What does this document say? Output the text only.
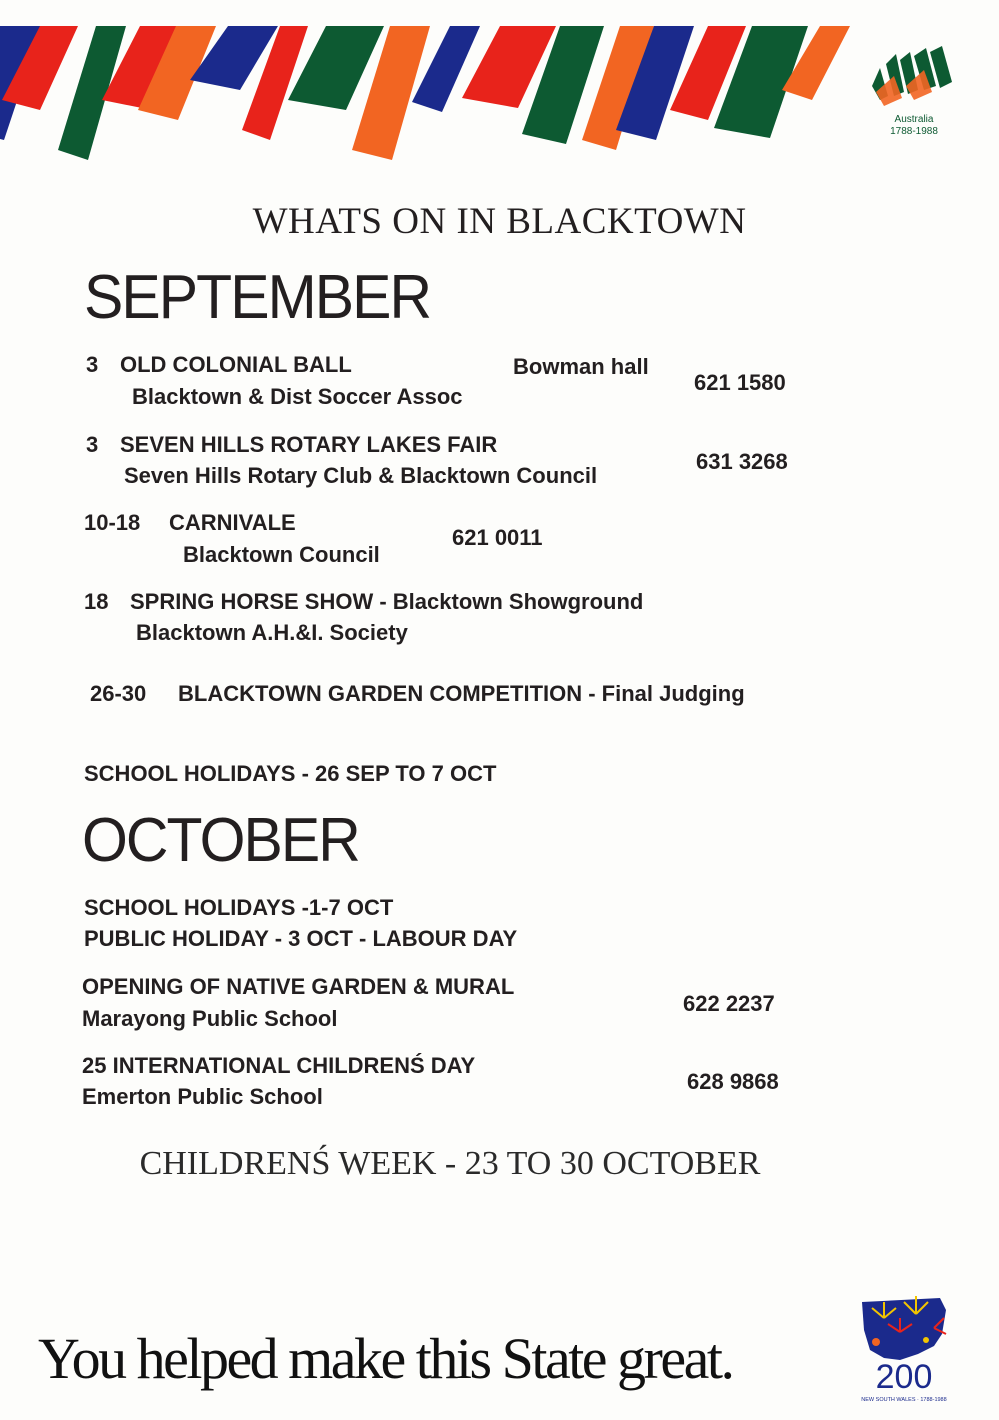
Australia
1788-1988
WHATS ON IN BLACKTOWN
SEPTEMBER
3 OLD COLONIAL BALL	Bowman hall
Blacktown & Dist Soccer Assoc
621 1580
3 SEVEN HILLS ROTARY LAKES FAIR
Seven Hills Rotary Club & Blacktown Council
631 3268
10-18 CARNIVALE
Blacktown Council
621 0011
18 SPRING HORSE SHOW - Blacktown Showground
Blacktown A.H.&I. Society
26-30 BLACKTOWN GARDEN COMPETITION - Final Judging
SCHOOL HOLIDAYS - 26 SEP TO 7 OCT
OCTOBER
SCHOOL HOLIDAYS -1-7 OCT
PUBLIC HOLIDAY - 3 OCT - LABOUR DAY
OPENING OF NATIVE GARDEN & MURAL
Marayong Public School
622 2237
25 INTERNATIONAL CHILDRENŚ DAY
Emerton Public School
628 9868
CHILDRENŚ WEEK - 23 TO 30 OCTOBER
You helped make this State great.	200
NEW SOUTH WALES · 1788-1988
